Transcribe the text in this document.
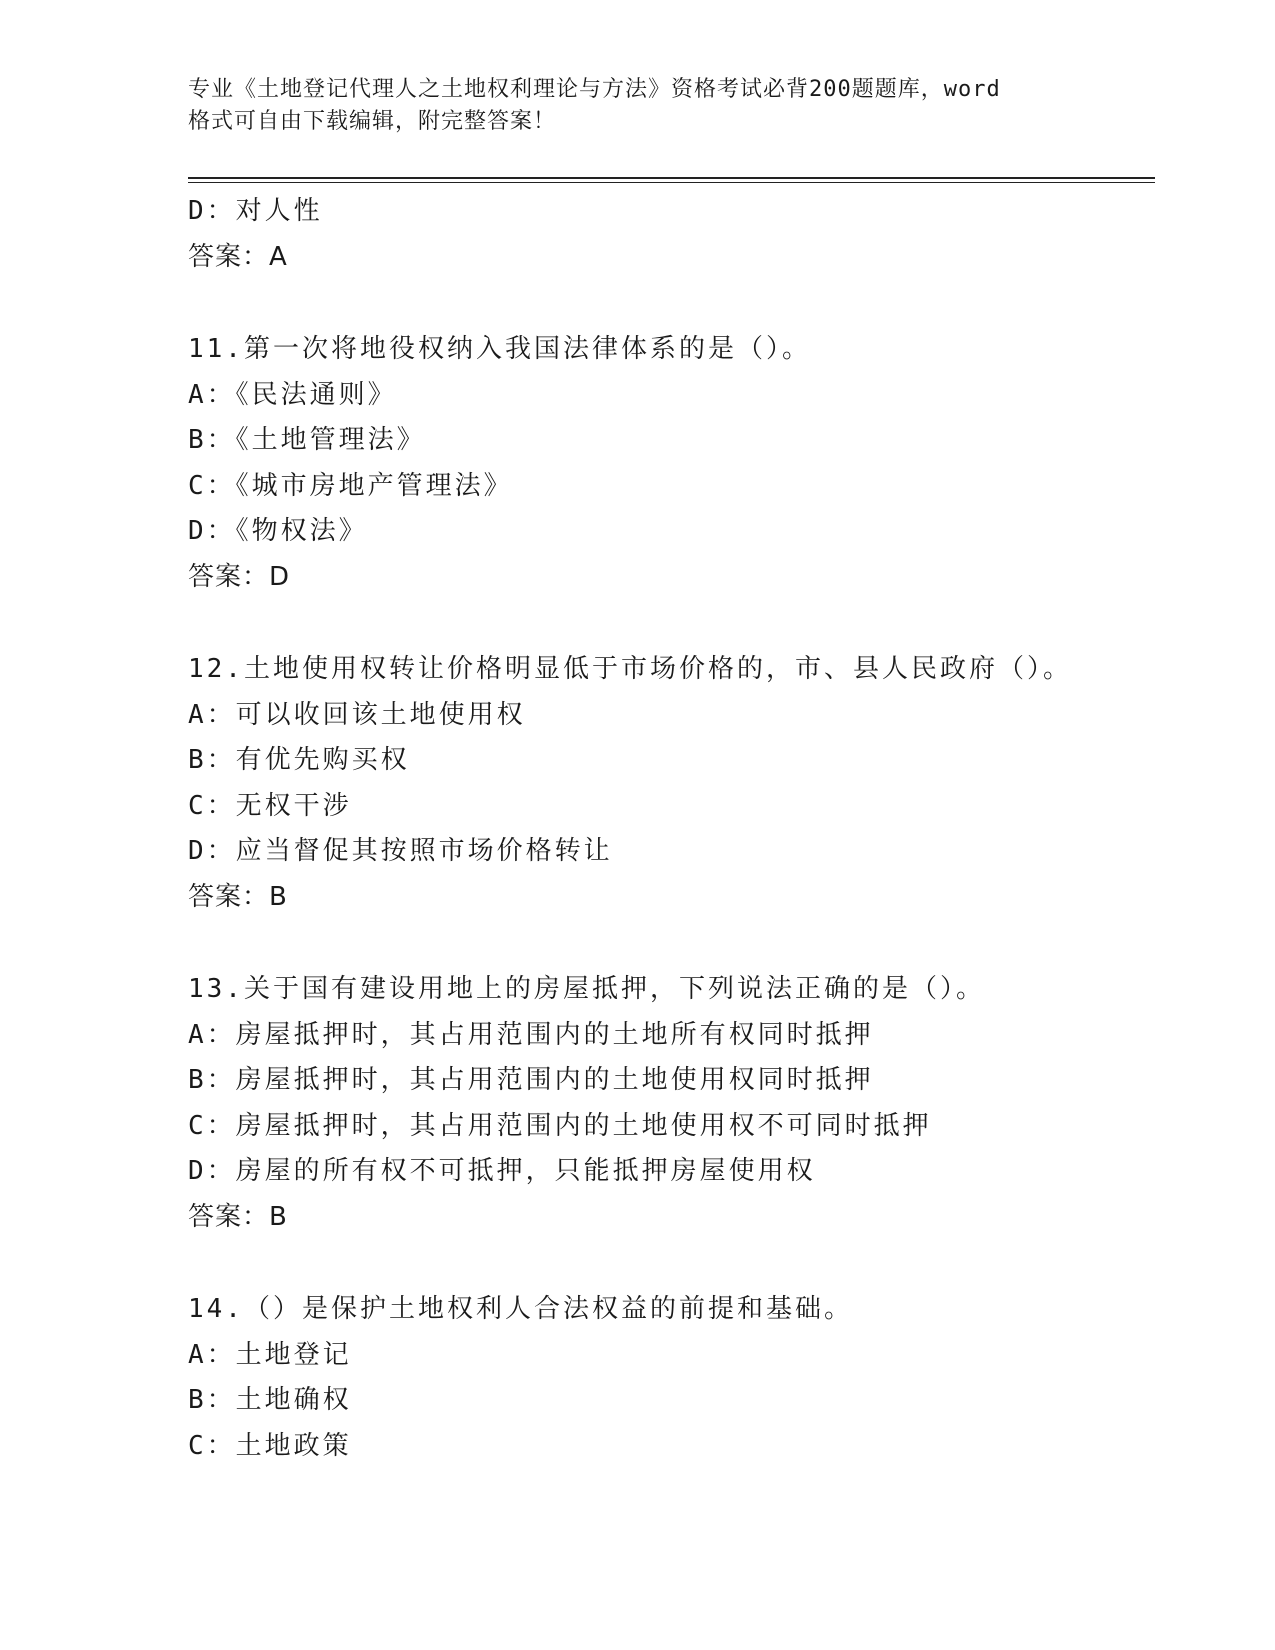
专业《土地登记代理人之土地权利理论与方法》资格考试必背200题题库，word
格式可自由下载编辑，附完整答案！
D：对人性
答案：A
11.第一次将地役权纳入我国法律体系的是（）。
A：《民法通则》
B：《土地管理法》
C：《城市房地产管理法》
D：《物权法》
答案：D
12.土地使用权转让价格明显低于市场价格的，市、县人民政府（）。
A：可以收回该土地使用权
B：有优先购买权
C：无权干涉
D：应当督促其按照市场价格转让
答案：B
13.关于国有建设用地上的房屋抵押，下列说法正确的是（）。
A：房屋抵押时，其占用范围内的土地所有权同时抵押
B：房屋抵押时，其占用范围内的土地使用权同时抵押
C：房屋抵押时，其占用范围内的土地使用权不可同时抵押
D：房屋的所有权不可抵押，只能抵押房屋使用权
答案：B
14.（）是保护土地权利人合法权益的前提和基础。
A：土地登记
B：土地确权
C：土地政策
